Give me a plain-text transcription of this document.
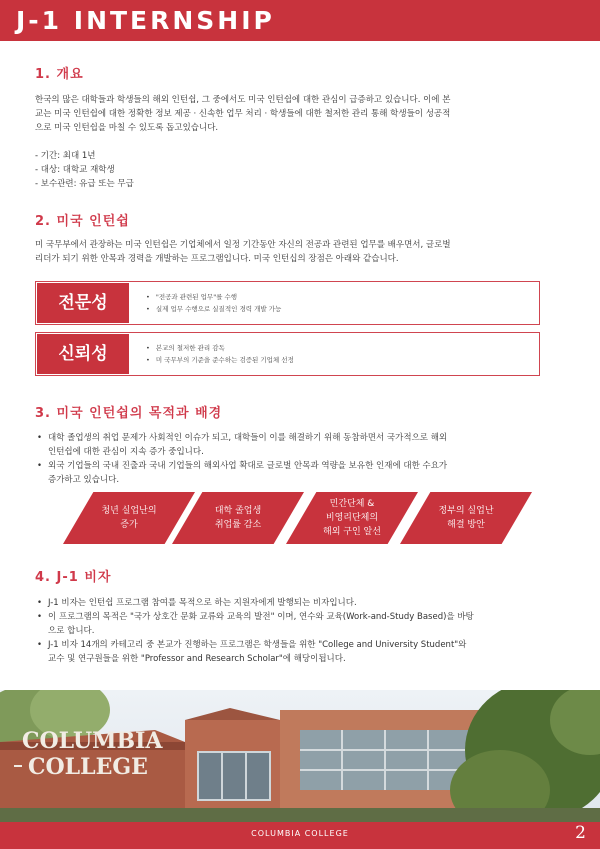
J-1 INTERNSHIP
1. 개요

한국의 많은 대학들과 학생들의 해외 인턴쉽, 그 중에서도 미국 인턴쉽에 대한 관심이 급증하고 있습니다. 이에 본

교는 미국 인턴쉽에 대한 정확한 정보 제공 · 신속한 업무 처리 · 학생들에 대한 철저한 관리 통해 학생들이 성공적

으로 미국 인턴쉽을 마칠 수 있도록 돕고있습니다.

- 기간: 최대 1년
- 대상: 대학교 재학생
- 보수관련: 유급 또는 무급
2. 미국 인턴쉽

미 국무부에서 관장하는 미국 인턴쉽은 기업체에서 일정 기간동안 자신의 전공과 관련된 업무를 배우면서, 글로벌

리더가 되기 위한 안목과 경력을 개발하는 프로그램입니다. 미국 인턴십의 장점은 아래와 같습니다.

전문성	• "전공과 관련된 업무"를 수행
• 실제 업무 수행으로 실질적인 경력 개발 가능
신뢰성	• 본교의 철저한 관리 감독
• 미 국무부의 기준을 준수하는 검증된 기업체 선정
3. 미국 인턴쉽의 목적과 배경
• 대학 졸업생의 취업 문제가 사회적인 이슈가 되고, 대학들이 이를 해결하기 위해 동참하면서 국가적으로 해외
인턴쉽에 대한 관심이 지속 증가 중입니다.
• 외국 기업들의 국내 진출과 국내 기업들의 해외사업 확대로 글로벌 안목과 역량을 보유한 인재에 대한 수요가
증가하고 있습니다.
청년 실업난의
증가
대학 졸업생
취업률 감소
민간단체 &
비영리단체의
해외 구인 알선
정부의 실업난
해결 방안
4. J-1 비자
• J-1 비자는 인턴쉽 프로그램 참여를 목적으로 하는 지원자에게 발행되는 비자입니다.
• 이 프로그램의 목적은 "국가 상호간 문화 교류와 교육의 발전" 이며, 연수와 교육(Work-and-Study Based)을 바탕
으로 합니다.
• J-1 비자 14개의 카테고리 중 본교가 진행하는 프로그램은 학생들을 위한 "College and University Student"와
교수 및 연구원들을 위한 "Professor and Research Scholar"에 해당이됩니다.
COLUMBIA
COLLEGE
COLUMBIA COLLEGE	2
